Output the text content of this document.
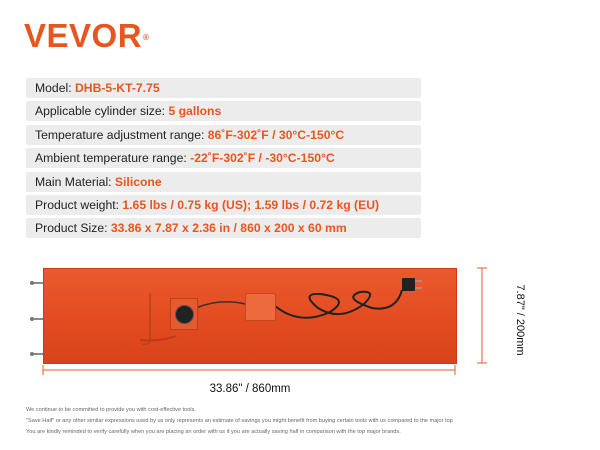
VEVOR®
Model: DHB-5-KT-7.75
Applicable cylinder size: 5 gallons
Temperature adjustment range: 86˚F-302˚F / 30°C-150°C
Ambient temperature range: -22˚F-302˚F / -30°C-150°C
Main Material: Silicone
Product weight: 1.65 lbs / 0.75 kg (US); 1.59 lbs / 0.72 kg (EU)
Product Size: 33.86 x 7.87 x 2.36 in / 860 x 200 x 60 mm
33.86" / 860mm
7.87" / 200mm
We continue to be committed to provide you with cost-effective tools.
"Save Half" or any other similar expressions used by us only represents an estimate of savings you might benefit from buying certain tools with us compared to the major top
You are kindly reminded to verify carefully when you are placing an order with us if you are actually saving half in comparison with the top major brands.
